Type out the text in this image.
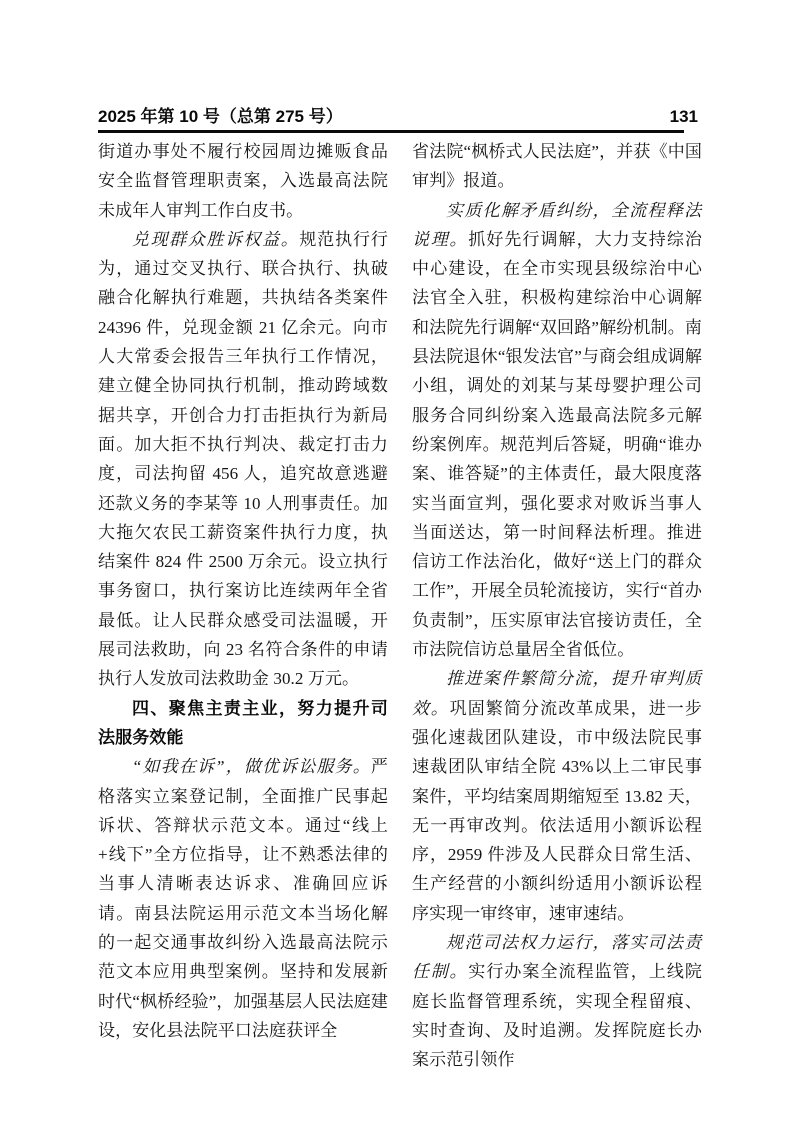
2025 年第 10 号（总第 275 号）	131

街道办事处不履行校园周边摊贩食品安全监督管理职责案，入选最高法院未成年人审判工作白皮书。

兑现群众胜诉权益。规范执行行为，通过交叉执行、联合执行、执破融合化解执行难题，共执结各类案件 24396 件，兑现金额 21 亿余元。向市人大常委会报告三年执行工作情况，建立健全协同执行机制，推动跨域数据共享，开创合力打击拒执行为新局面。加大拒不执行判决、裁定打击力度，司法拘留 456 人，追究故意逃避还款义务的李某等 10 人刑事责任。加大拖欠农民工薪资案件执行力度，执结案件 824 件 2500 万余元。设立执行事务窗口，执行案访比连续两年全省最低。让人民群众感受司法温暖，开展司法救助，向 23 名符合条件的申请执行人发放司法救助金 30.2 万元。

四、聚焦主责主业，努力提升司法服务效能

“如我在诉”，做优诉讼服务。严格落实立案登记制，全面推广民事起诉状、答辩状示范文本。通过“线上+线下”全方位指导，让不熟悉法律的当事人清晰表达诉求、准确回应诉请。南县法院运用示范文本当场化解的一起交通事故纠纷入选最高法院示范文本应用典型案例。坚持和发展新时代“枫桥经验”，加强基层人民法庭建设，安化县法院平口法庭获评全

省法院“枫桥式人民法庭”，并获《中国审判》报道。

实质化解矛盾纠纷，全流程释法说理。抓好先行调解，大力支持综治中心建设，在全市实现县级综治中心法官全入驻，积极构建综治中心调解和法院先行调解“双回路”解纷机制。南县法院退休“银发法官”与商会组成调解小组，调处的刘某与某母婴护理公司服务合同纠纷案入选最高法院多元解纷案例库。规范判后答疑，明确“谁办案、谁答疑”的主体责任，最大限度落实当面宣判，强化要求对败诉当事人当面送达，第一时间释法析理。推进信访工作法治化，做好“送上门的群众工作”，开展全员轮流接访，实行“首办负责制”，压实原审法官接访责任，全市法院信访总量居全省低位。

推进案件繁简分流，提升审判质效。巩固繁简分流改革成果，进一步强化速裁团队建设，市中级法院民事速裁团队审结全院 43%以上二审民事案件，平均结案周期缩短至 13.82 天，无一再审改判。依法适用小额诉讼程序，2959 件涉及人民群众日常生活、生产经营的小额纠纷适用小额诉讼程序实现一审终审，速审速结。

规范司法权力运行，落实司法责任制。实行办案全流程监管，上线院庭长监督管理系统，实现全程留痕、实时查询、及时追溯。发挥院庭长办案示范引领作
